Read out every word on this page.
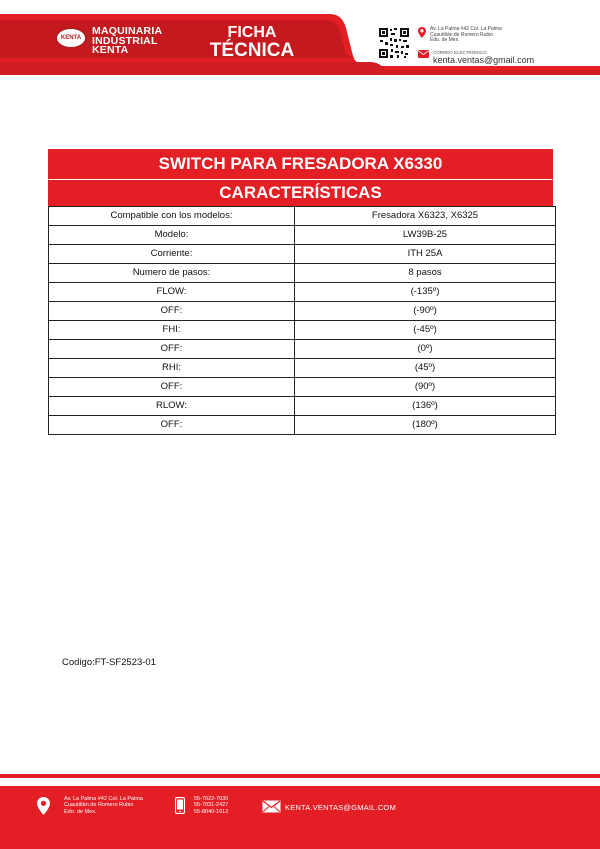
KENTA
MAQUINARIA
INDUSTRIAL
KENTA
FICHA
TÉCNICA
Av. La Palma #42 Col. La Palma
Cuautitlán de Romero Rubio
Edo. de Mex.
CORREO ELECTRÓNICO:
kenta.ventas@gmail.com
SWITCH PARA FRESADORA X6330
CARACTERÍSTICAS
Compatible con los modelos:	Fresadora X6323, X6325
Modelo:	LW39B-25
Corriente:	ITH 25A
Numero de pasos:	8 pasos
FLOW:	(-135º)
OFF:	(-90º)
FHI:	(-45º)
OFF:	(0º)
RHI:	(45º)
OFF:	(90º)
RLOW:	(136º)
OFF:	(180º)
Codigo:FT-SF2523-01
Av. La Palma #42 Col. La Palma
Cuautitlán de Romero Rubio
Edo. de Mex.
55-7022-7030
55-7031-2427
55-8040-1612	KENTA.VENTAS@GMAIL.COM
